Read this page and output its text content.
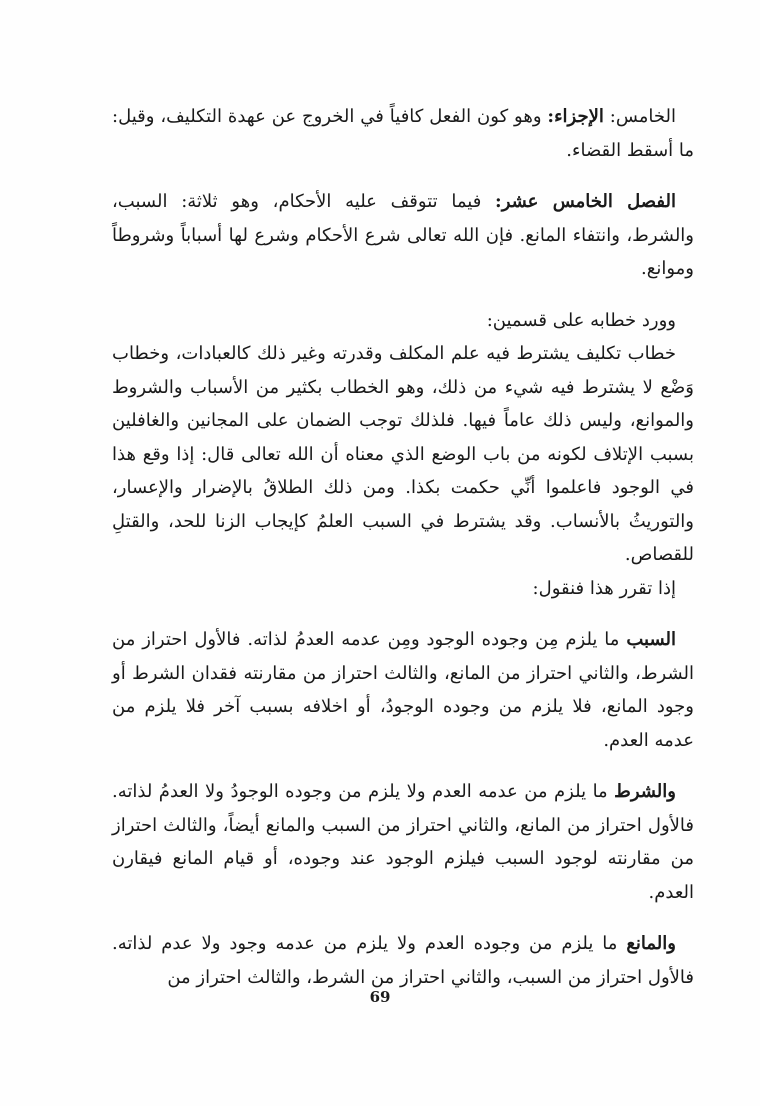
الخامس: الإجزاء: وهو كون الفعل كافياً في الخروج عن عهدة التكليف، وقيل: ما أسقط القضاء.

الفصل الخامس عشر: فيما تتوقف عليه الأحكام، وهو ثلاثة: السبب، والشرط، وانتفاء المانع. فإن الله تعالى شرع الأحكام وشرع لها أسباباً وشروطاً وموانع.

وورد خطابه على قسمين:

خطاب تكليف يشترط فيه علم المكلف وقدرته وغير ذلك كالعبادات، وخطاب وَضْع لا يشترط فيه شيء من ذلك، وهو الخطاب بكثير من الأسباب والشروط والموانع، وليس ذلك عاماً فيها. فلذلك توجب الضمان على المجانين والغافلين بسبب الإتلاف لكونه من باب الوضع الذي معناه أن الله تعالى قال: إذا وقع هذا في الوجود فاعلموا أنِّي حكمت بكذا. ومن ذلك الطلاقُ بالإضرار والإعسار، والتوريثُ بالأنساب. وقد يشترط في السبب العلمُ كإيجاب الزنا للحد، والقتلِ للقصاص.

إذا تقرر هذا فنقول:

السبب ما يلزم مِن وجوده الوجود ومِن عدمه العدمُ لذاته. فالأول احتراز من الشرط، والثاني احتراز من المانع، والثالث احتراز من مقارنته فقدان الشرط أو وجود المانع، فلا يلزم من وجوده الوجودُ، أو اخلافه بسبب آخر فلا يلزم من عدمه العدم.

والشرط ما يلزم من عدمه العدم ولا يلزم من وجوده الوجودُ ولا العدمُ لذاته. فالأول احتراز من المانع، والثاني احتراز من السبب والمانع أيضاً، والثالث احتراز من مقارنته لوجود السبب فيلزم الوجود عند وجوده، أو قيام المانع فيقارن العدم.

والمانع ما يلزم من وجوده العدم ولا يلزم من عدمه وجود ولا عدم لذاته. فالأول احتراز من السبب، والثاني احتراز من الشرط، والثالث احتراز من

69
